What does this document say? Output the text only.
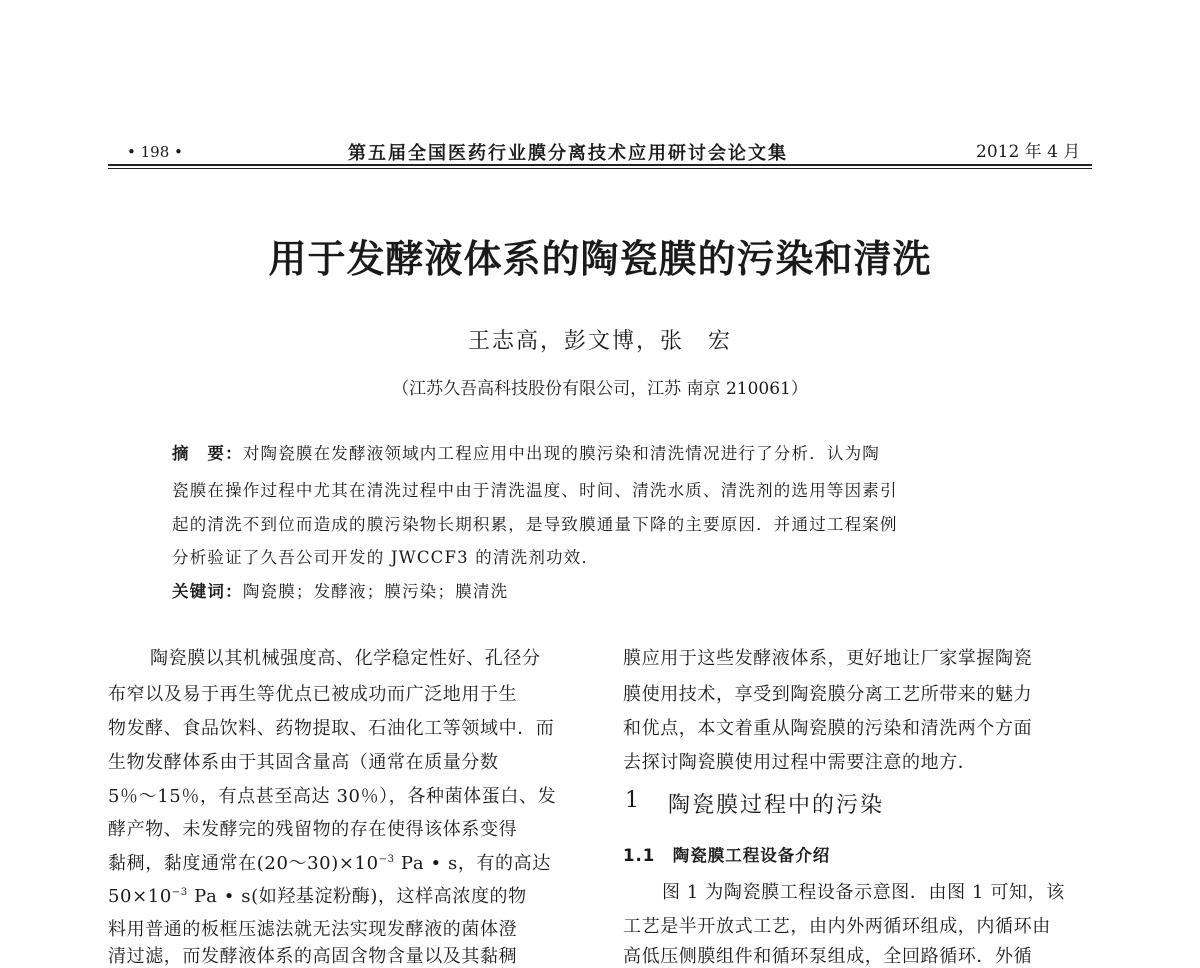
• 198 •	第五届全国医药行业膜分离技术应用研讨会论文集	2012 年 4 月
用于发酵液体系的陶瓷膜的污染和清洗
王志高，彭文博，张　宏
（江苏久吾高科技股份有限公司，江苏 南京 210061）
摘　要：对陶瓷膜在发酵液领域内工程应用中出现的膜污染和清洗情况进行了分析．认为陶
瓷膜在操作过程中尤其在清洗过程中由于清洗温度、时间、清洗水质、清洗剂的选用等因素引
起的清洗不到位而造成的膜污染物长期积累，是导致膜通量下降的主要原因．并通过工程案例
分析验证了久吾公司开发的 JWCCF3 的清洗剂功效．
关键词：陶瓷膜；发酵液；膜污染；膜清洗
陶瓷膜以其机械强度高、化学稳定性好、孔径分
布窄以及易于再生等优点已被成功而广泛地用于生
物发酵、食品饮料、药物提取、石油化工等领域中．而
生物发酵体系由于其固含量高（通常在质量分数
5％～15％，有点甚至高达 30％），各种菌体蛋白、发
酵产物、未发酵完的残留物的存在使得该体系变得
黏稠，黏度通常在$(20\sim 30)\times 10^{-3}$ Pa • s，有的高达
$50\times 10^{-3}$ Pa • s(如羟基淀粉酶)，这样高浓度的物
料用普通的板框压滤法就无法实现发酵液的菌体澄
清过滤，而发酵液体系的高固含物含量以及其黏稠
膜应用于这些发酵液体系，更好地让厂家掌握陶瓷
膜使用技术，享受到陶瓷膜分离工艺所带来的魅力
和优点，本文着重从陶瓷膜的污染和清洗两个方面
去探讨陶瓷膜使用过程中需要注意的地方．
1 陶瓷膜过程中的污染
1.1　陶瓷膜工程设备介绍
图 1 为陶瓷膜工程设备示意图．由图 1 可知，该
工艺是半开放式工艺，由内外两循环组成，内循环由
高低压侧膜组件和循环泵组成，全回路循环．外循
